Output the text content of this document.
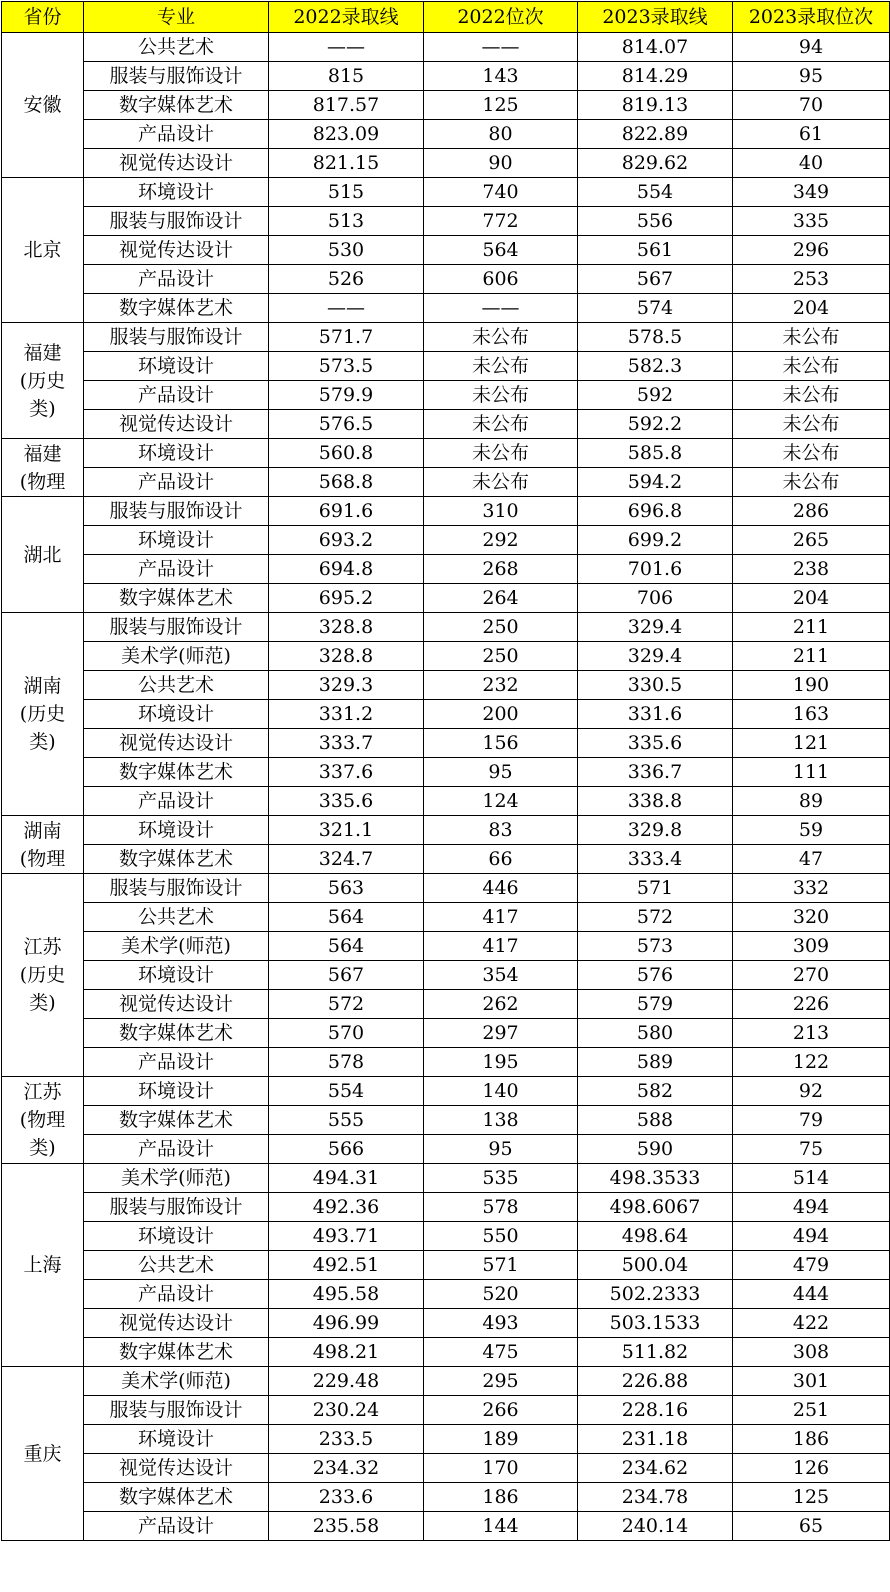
省份	专业	2022录取线	2022位次	2023录取线	2023录取位次

安徽	公共艺术	——	——	814.07	94
	服装与服饰设计	815	143	814.29	95
	数字媒体艺术	817.57	125	819.13	70
	产品设计	823.09	80	822.89	61
	视觉传达设计	821.15	90	829.62	40

北京	环境设计	515	740	554	349
	服装与服饰设计	513	772	556	335
	视觉传达设计	530	564	561	296
	产品设计	526	606	567	253
	数字媒体艺术	——	——	574	204

福建
(历史
类)	服装与服饰设计	571.7	未公布	578.5	未公布
	环境设计	573.5	未公布	582.3	未公布
	产品设计	579.9	未公布	592	未公布
	视觉传达设计	576.5	未公布	592.2	未公布

福建
(物理	环境设计	560.8	未公布	585.8	未公布
	产品设计	568.8	未公布	594.2	未公布

湖北	服装与服饰设计	691.6	310	696.8	286
	环境设计	693.2	292	699.2	265
	产品设计	694.8	268	701.6	238
	数字媒体艺术	695.2	264	706	204

湖南
(历史
类)	服装与服饰设计	328.8	250	329.4	211
	美术学(师范)	328.8	250	329.4	211
	公共艺术	329.3	232	330.5	190
	环境设计	331.2	200	331.6	163
	视觉传达设计	333.7	156	335.6	121
	数字媒体艺术	337.6	95	336.7	111
	产品设计	335.6	124	338.8	89

湖南
(物理	环境设计	321.1	83	329.8	59
	数字媒体艺术	324.7	66	333.4	47

江苏
(历史
类)	服装与服饰设计	563	446	571	332
	公共艺术	564	417	572	320
	美术学(师范)	564	417	573	309
	环境设计	567	354	576	270
	视觉传达设计	572	262	579	226
	数字媒体艺术	570	297	580	213
	产品设计	578	195	589	122

江苏
(物理
类)	环境设计	554	140	582	92
	数字媒体艺术	555	138	588	79
	产品设计	566	95	590	75

上海	美术学(师范)	494.31	535	498.3533	514
	服装与服饰设计	492.36	578	498.6067	494
	环境设计	493.71	550	498.64	494
	公共艺术	492.51	571	500.04	479
	产品设计	495.58	520	502.2333	444
	视觉传达设计	496.99	493	503.1533	422
	数字媒体艺术	498.21	475	511.82	308

重庆	美术学(师范)	229.48	295	226.88	301
	服装与服饰设计	230.24	266	228.16	251
	环境设计	233.5	189	231.18	186
	视觉传达设计	234.32	170	234.62	126
	数字媒体艺术	233.6	186	234.78	125
	产品设计	235.58	144	240.14	65
